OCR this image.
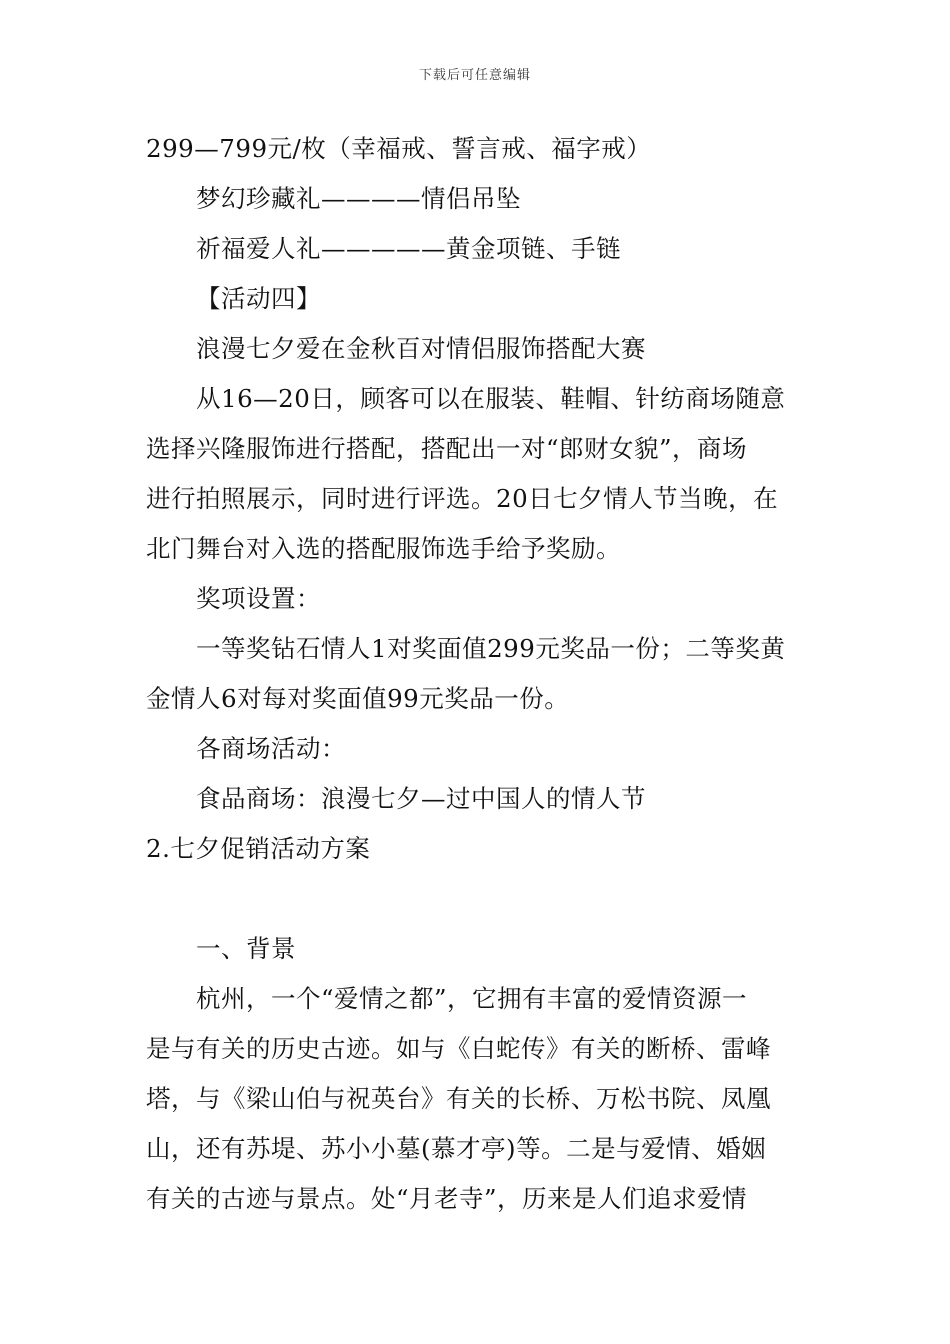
下载后可任意编辑
299—799元/枚（幸福戒、誓言戒、福字戒）
梦幻珍藏礼————情侣吊坠
祈福爱人礼—————黄金项链、手链
【活动四】
浪漫七夕爱在金秋百对情侣服饰搭配大赛
从16—20日，顾客可以在服装、鞋帽、针纺商场随意
选择兴隆服饰进行搭配，搭配出一对“郎财女貌”，商场
进行拍照展示，同时进行评选。20日七夕情人节当晚，在
北门舞台对入选的搭配服饰选手给予奖励。
奖项设置：
一等奖钻石情人1对奖面值299元奖品一份；二等奖黄
金情人6对每对奖面值99元奖品一份。
各商场活动：
食品商场：浪漫七夕—过中国人的情人节
2.七夕促销活动方案
一、背景
杭州，一个“爱情之都”，它拥有丰富的爱情资源一
是与有关的历史古迹。如与《白蛇传》有关的断桥、雷峰
塔，与《梁山伯与祝英台》有关的长桥、万松书院、凤凰
山，还有苏堤、苏小小墓(慕才亭)等。二是与爱情、婚姻
有关的古迹与景点。处“月老寺”，历来是人们追求爱情
